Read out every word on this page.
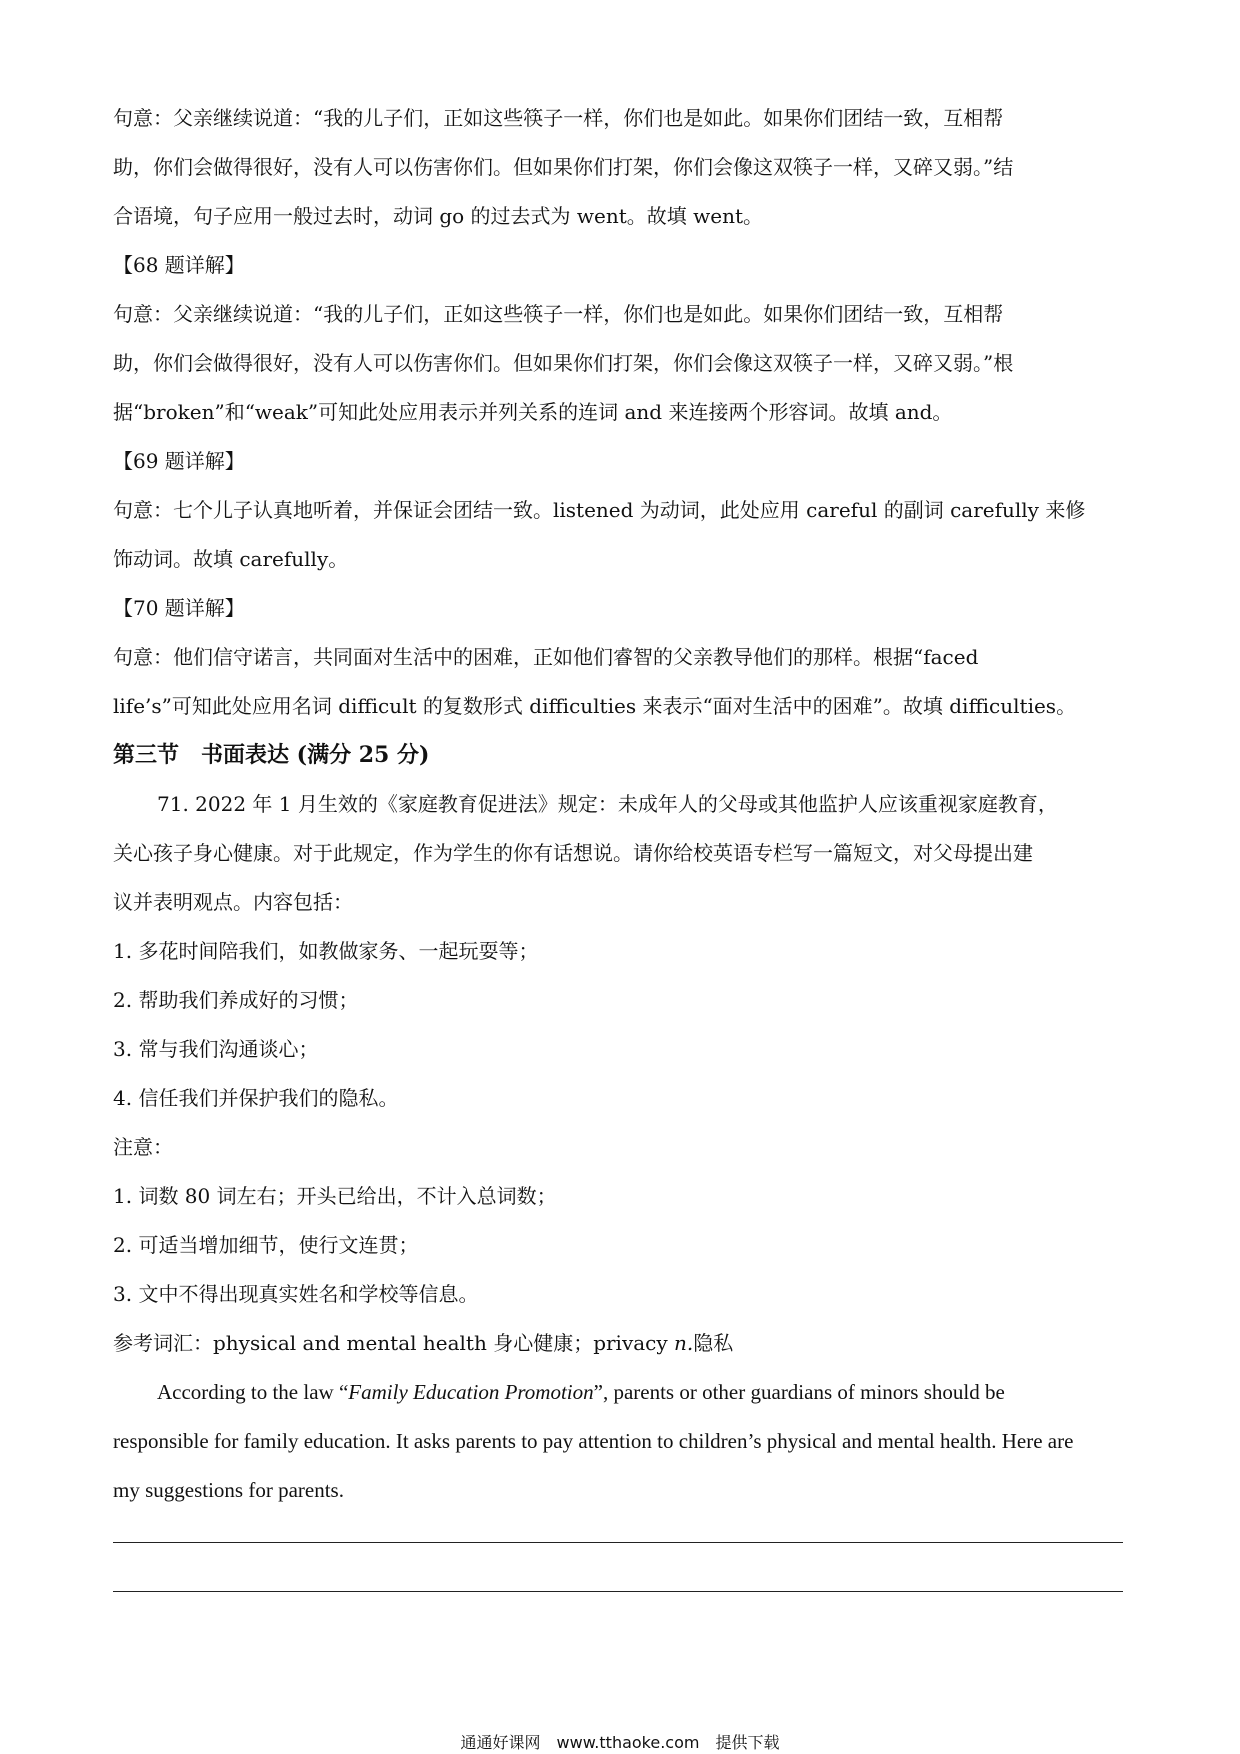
句意：父亲继续说道：“我的儿子们，正如这些筷子一样，你们也是如此。如果你们团结一致，互相帮
助，你们会做得很好，没有人可以伤害你们。但如果你们打架，你们会像这双筷子一样，又碎又弱。”结
合语境，句子应用一般过去时，动词 go 的过去式为 went。故填 went。
【68 题详解】
句意：父亲继续说道：“我的儿子们，正如这些筷子一样，你们也是如此。如果你们团结一致，互相帮
助，你们会做得很好，没有人可以伤害你们。但如果你们打架，你们会像这双筷子一样，又碎又弱。”根
据“broken”和“weak”可知此处应用表示并列关系的连词 and 来连接两个形容词。故填 and。
【69 题详解】
句意：七个儿子认真地听着，并保证会团结一致。listened 为动词，此处应用 careful 的副词 carefully 来修
饰动词。故填 carefully。
【70 题详解】
句意：他们信守诺言，共同面对生活中的困难，正如他们睿智的父亲教导他们的那样。根据“faced
life’s”可知此处应用名词 difficult 的复数形式 difficulties 来表示“面对生活中的困难”。故填 difficulties。
第三节　书面表达 (满分 25 分)
71. 2022 年 1 月生效的《家庭教育促进法》规定：未成年人的父母或其他监护人应该重视家庭教育，
关心孩子身心健康。对于此规定，作为学生的你有话想说。请你给校英语专栏写一篇短文，对父母提出建
议并表明观点。内容包括：
1. 多花时间陪我们，如教做家务、一起玩耍等；
2. 帮助我们养成好的习惯；
3. 常与我们沟通谈心；
4. 信任我们并保护我们的隐私。
注意：
1. 词数 80 词左右；开头已给出，不计入总词数；
2. 可适当增加细节，使行文连贯；
3. 文中不得出现真实姓名和学校等信息。
参考词汇：physical and mental health 身心健康；privacy n.隐私
According to the law “Family Education Promotion”, parents or other guardians of minors should be
responsible for family education. It asks parents to pay attention to children’s physical and mental health. Here are
my suggestions for parents.
通通好课网　www.tthaoke.com　提供下载
